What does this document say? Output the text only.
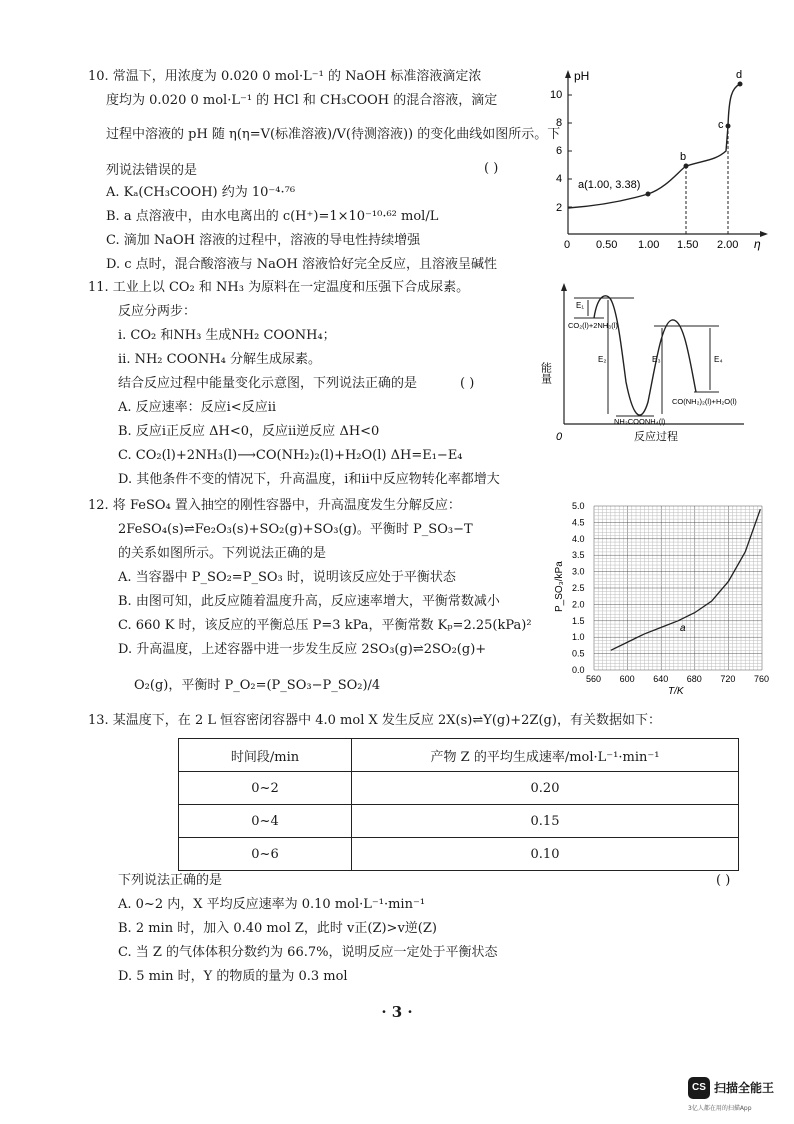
10. 常温下，用浓度为 0.020 0 mol·L⁻¹ 的 NaOH 标准溶液滴定浓
度均为 0.020 0 mol·L⁻¹ 的 HCl 和 CH₃COOH 的混合溶液，滴定
过程中溶液的 pH 随 η(η=V(标准溶液)/V(待测溶液)) 的变化曲线如图所示。下
列说法错误的是	( )
A. Kₐ(CH₃COOH) 约为 10⁻⁴·⁷⁶
B. a 点溶液中，由水电离出的 c(H⁺)=1×10⁻¹⁰·⁶² mol/L
C. 滴加 NaOH 溶液的过程中，溶液的导电性持续增强
D. c 点时，混合酸溶液与 NaOH 溶液恰好完全反应，且溶液呈碱性
pH
η
2
4
6
8
10
0 0.50 1.00 1.50 2.00
a(1.00, 3.38)
b
c
d
11. 工业上以 CO₂ 和 NH₃ 为原料在一定温度和压强下合成尿素。
反应分两步：
ⅰ. CO₂ 和NH₃ 生成NH₂ COONH₄；
ⅱ. NH₂ COONH₄ 分解生成尿素。
结合反应过程中能量变化示意图，下列说法正确的是	( )
A. 反应速率：反应ⅰ<反应ⅱ
B. 反应ⅰ正反应 ΔH<0，反应ⅱ逆反应 ΔH<0
C. CO₂(l)+2NH₃(l)⟶CO(NH₂)₂(l)+H₂O(l) ΔH=E₁−E₄
D. 其他条件不变的情况下，升高温度，ⅰ和ⅱ中反应物转化率都增大
能量
0	反应过程
E₁
E₂	E₃	E₄
CO₂(l)+2NH₃(l)
NH₂COONH₄(l)
CO(NH₂)₂(l)+H₂O(l)
12. 将 FeSO₄ 置入抽空的刚性容器中，升高温度发生分解反应：
2FeSO₄(s)⇌Fe₂O₃(s)+SO₂(g)+SO₃(g)。平衡时 P_SO₃−T
的关系如图所示。下列说法正确的是
A. 当容器中 P_SO₂=P_SO₃ 时，说明该反应处于平衡状态
B. 由图可知，此反应随着温度升高，反应速率增大，平衡常数减小
C. 660 K 时，该反应的平衡总压 P=3 kPa，平衡常数 Kₚ=2.25(kPa)²
D. 升高温度，上述容器中进一步发生反应 2SO₃(g)⇌2SO₂(g)+
O₂(g)，平衡时 P_O₂=(P_SO₃−P_SO₂)/4
0.0
0.5
1.0
1.5
2.0
2.5
3.0
3.5
4.0
4.5
5.0
560 600 640 680 720 760
a
P_SO₃/kPa
T/K
13. 某温度下，在 2 L 恒容密闭容器中 4.0 mol X 发生反应 2X(s)⇌Y(g)+2Z(g)，有关数据如下：
时间段/min	产物 Z 的平均生成速率/mol·L⁻¹·min⁻¹
0~2	0.20
0~4	0.15
0~6	0.10
下列说法正确的是	( )
A. 0~2 内，X 平均反应速率为 0.10 mol·L⁻¹·min⁻¹
B. 2 min 时，加入 0.40 mol Z，此时 v正(Z)>v逆(Z)
C. 当 Z 的气体体积分数约为 66.7%，说明反应一定处于平衡状态
D. 5 min 时，Y 的物质的量为 0.3 mol
· 3 ·
CS 扫描全能王
3亿人都在用的扫描App
